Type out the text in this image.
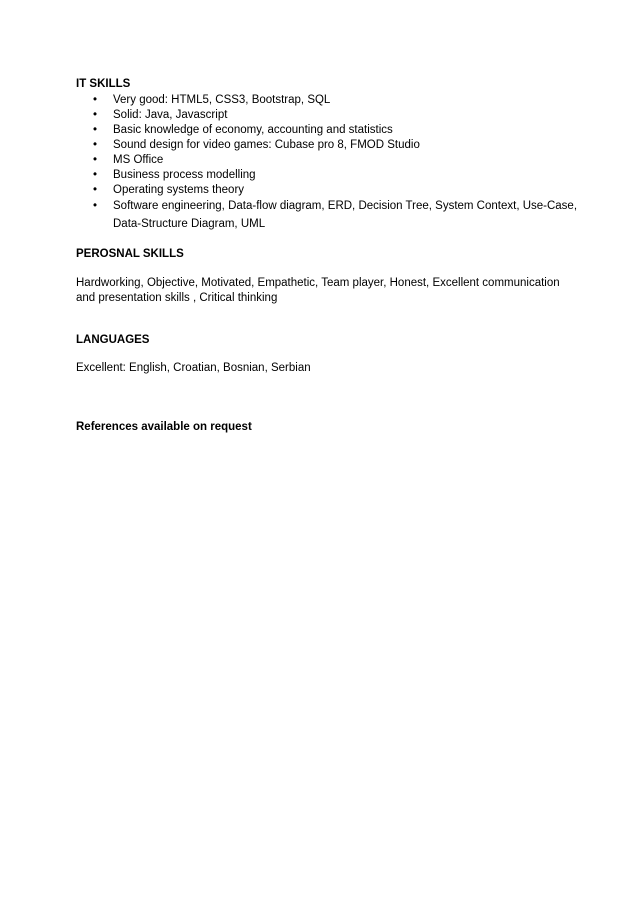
IT SKILLS
• Very good: HTML5, CSS3, Bootstrap, SQL
• Solid: Java, Javascript
• Basic knowledge of economy, accounting and statistics
• Sound design for video games: Cubase pro 8, FMOD Studio
• MS Office
• Business process modelling
• Operating systems theory
• Software engineering, Data-flow diagram, ERD, Decision Tree, System Context, Use-Case, Data-Structure Diagram, UML
PEROSNAL SKILLS

Hardworking, Objective, Motivated, Empathetic, Team player, Honest, Excellent communication and presentation skills , Critical thinking

LANGUAGES

Excellent: English, Croatian, Bosnian, Serbian

References available on request
